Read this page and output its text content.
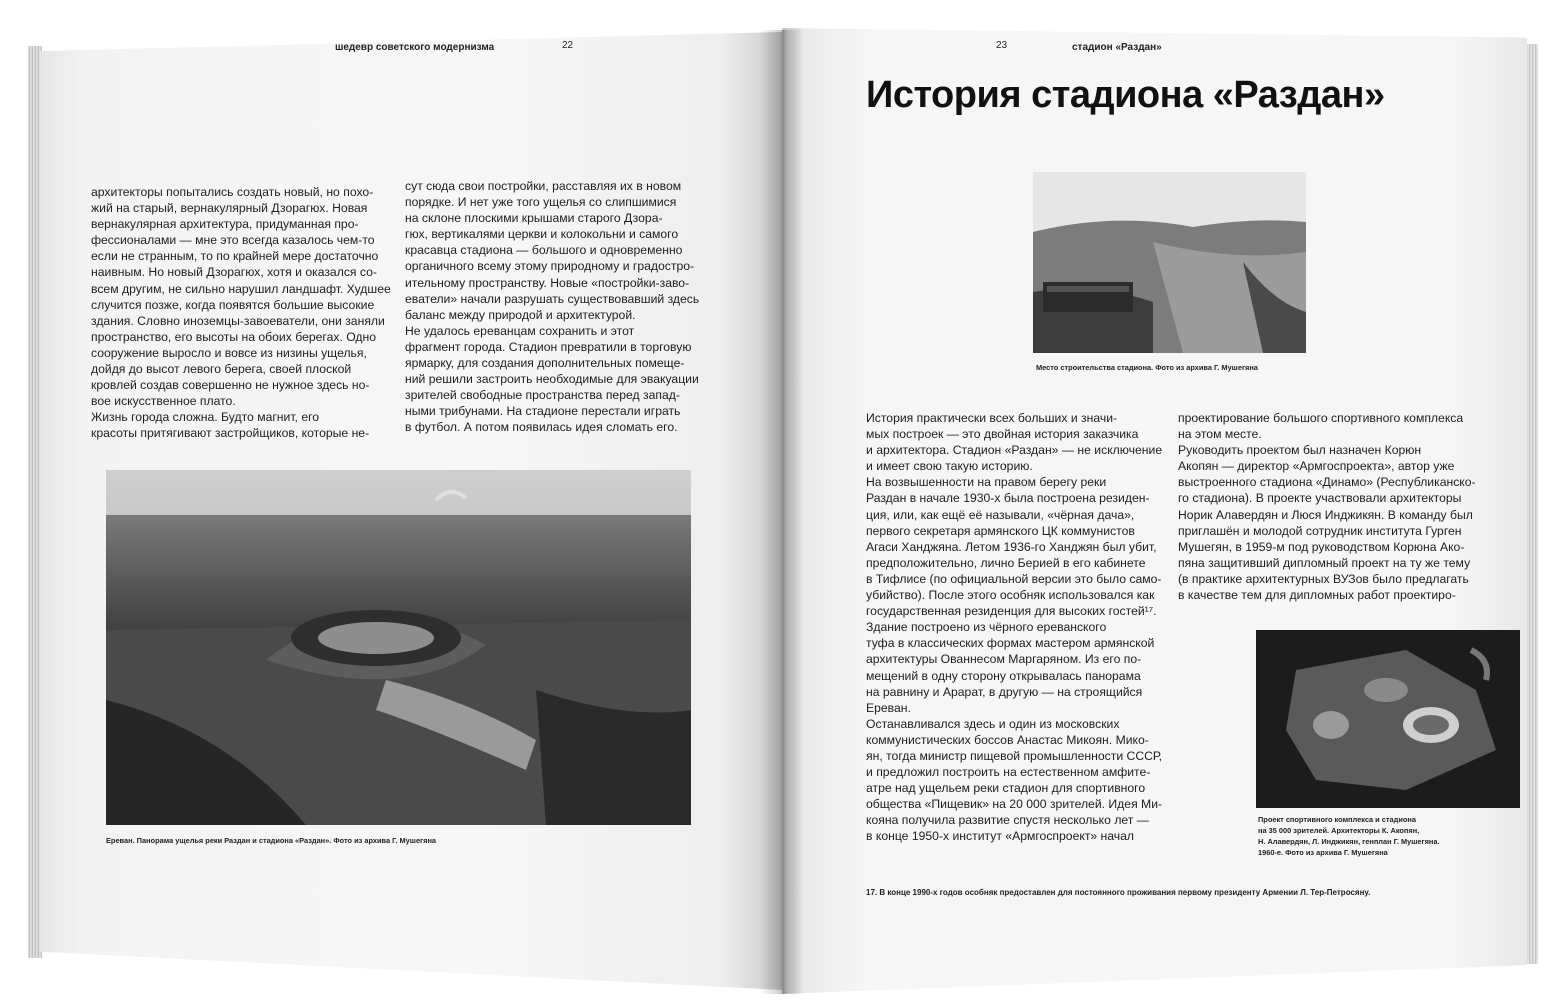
шедевр советского модернизма	22
архитекторы попытались создать новый, но похо-
жий на старый, вернакулярный Дзорагюх. Новая
вернакулярная архитектура, придуманная про-
фессионалами — мне это всегда казалось чем-то
если не странным, то по крайней мере достаточно
наивным. Но новый Дзорагюх, хотя и оказался со-
всем другим, не сильно нарушил ландшафт. Худшее
случится позже, когда появятся большие высокие
здания. Словно иноземцы-завоеватели, они заняли
пространство, его высоты на обоих берегах. Одно
сооружение выросло и вовсе из низины ущелья,
дойдя до высот левого берега, своей плоской
кровлей создав совершенно не нужное здесь но-
вое искусственное плато.
Жизнь города сложна. Будто магнит, его
красоты притягивают застройщиков, которые не-
сут сюда свои постройки, расставляя их в новом
порядке. И нет уже того ущелья со слипшимися
на склоне плоскими крышами старого Дзора-
гюх, вертикалями церкви и колокольни и самого
красавца стадиона — большого и одновременно
органичного всему этому природному и градостро-
ительному пространству. Новые «постройки-заво-
еватели» начали разрушать существовавший здесь
баланс между природой и архитектурой.
Не удалось ереванцам сохранить и этот
фрагмент города. Стадион превратили в торговую
ярмарку, для создания дополнительных помеще-
ний решили застроить необходимые для эвакуации
зрителей свободные пространства перед запад-
ными трибунами. На стадионе перестали играть
в футбол. А потом появилась идея сломать его.
Ереван. Панорама ущелья реки Раздан и стадиона «Раздан». Фото из архива Г. Мушегяна
23	стадион «Раздан»
История стадиона «Раздан»
Место строительства стадиона. Фото из архива Г. Мушегяна
История практически всех больших и значи-
мых построек — это двойная история заказчика
и архитектора. Стадион «Раздан» — не исключение
и имеет свою такую историю.
На возвышенности на правом берегу реки
Раздан в начале 1930-х была построена резиден-
ция, или, как ещё её называли, «чёрная дача»,
первого секретаря армянского ЦК коммунистов
Агаси Ханджяна. Летом 1936-го Ханджян был убит,
предположительно, лично Берией в его кабинете
в Тифлисе (по официальной версии это было само-
убийство). После этого особняк использовался как
государственная резиденция для высоких гостей¹⁷.
Здание построено из чёрного ереванского
туфа в классических формах мастером армянской
архитектуры Ованнесом Маргаряном. Из его по-
мещений в одну сторону открывалась панорама
на равнину и Арарат, в другую — на строящийся
Ереван.
Останавливался здесь и один из московских
коммунистических боссов Анастас Микоян. Мико-
ян, тогда министр пищевой промышленности СССР,
и предложил построить на естественном амфите-
атре над ущельем реки стадион для спортивного
общества «Пищевик» на 20 000 зрителей. Идея Ми-
кояна получила развитие спустя несколько лет —
в конце 1950-х институт «Армгоспроект» начал
проектирование большого спортивного комплекса
на этом месте.
Руководить проектом был назначен Корюн
Акопян — директор «Армгоспроекта», автор уже
выстроенного стадиона «Динамо» (Республиканско-
го стадиона). В проекте участвовали архитекторы
Норик Алавердян и Люся Инджикян. В команду был
приглашён и молодой сотрудник института Гурген
Мушегян, в 1959-м под руководством Корюна Ако-
пяна защитивший дипломный проект на ту же тему
(в практике архитектурных ВУЗов было предлагать
в качестве тем для дипломных работ проектиро-
Проект спортивного комплекса и стадиона
на 35 000 зрителей. Архитекторы К. Акопян,
Н. Алавердян, Л. Инджикян, генплан Г. Мушегяна.
1960-е. Фото из архива Г. Мушегяна
17. В конце 1990-х годов особняк предоставлен для постоянного проживания первому президенту Армении Л. Тер-Петросяну.
